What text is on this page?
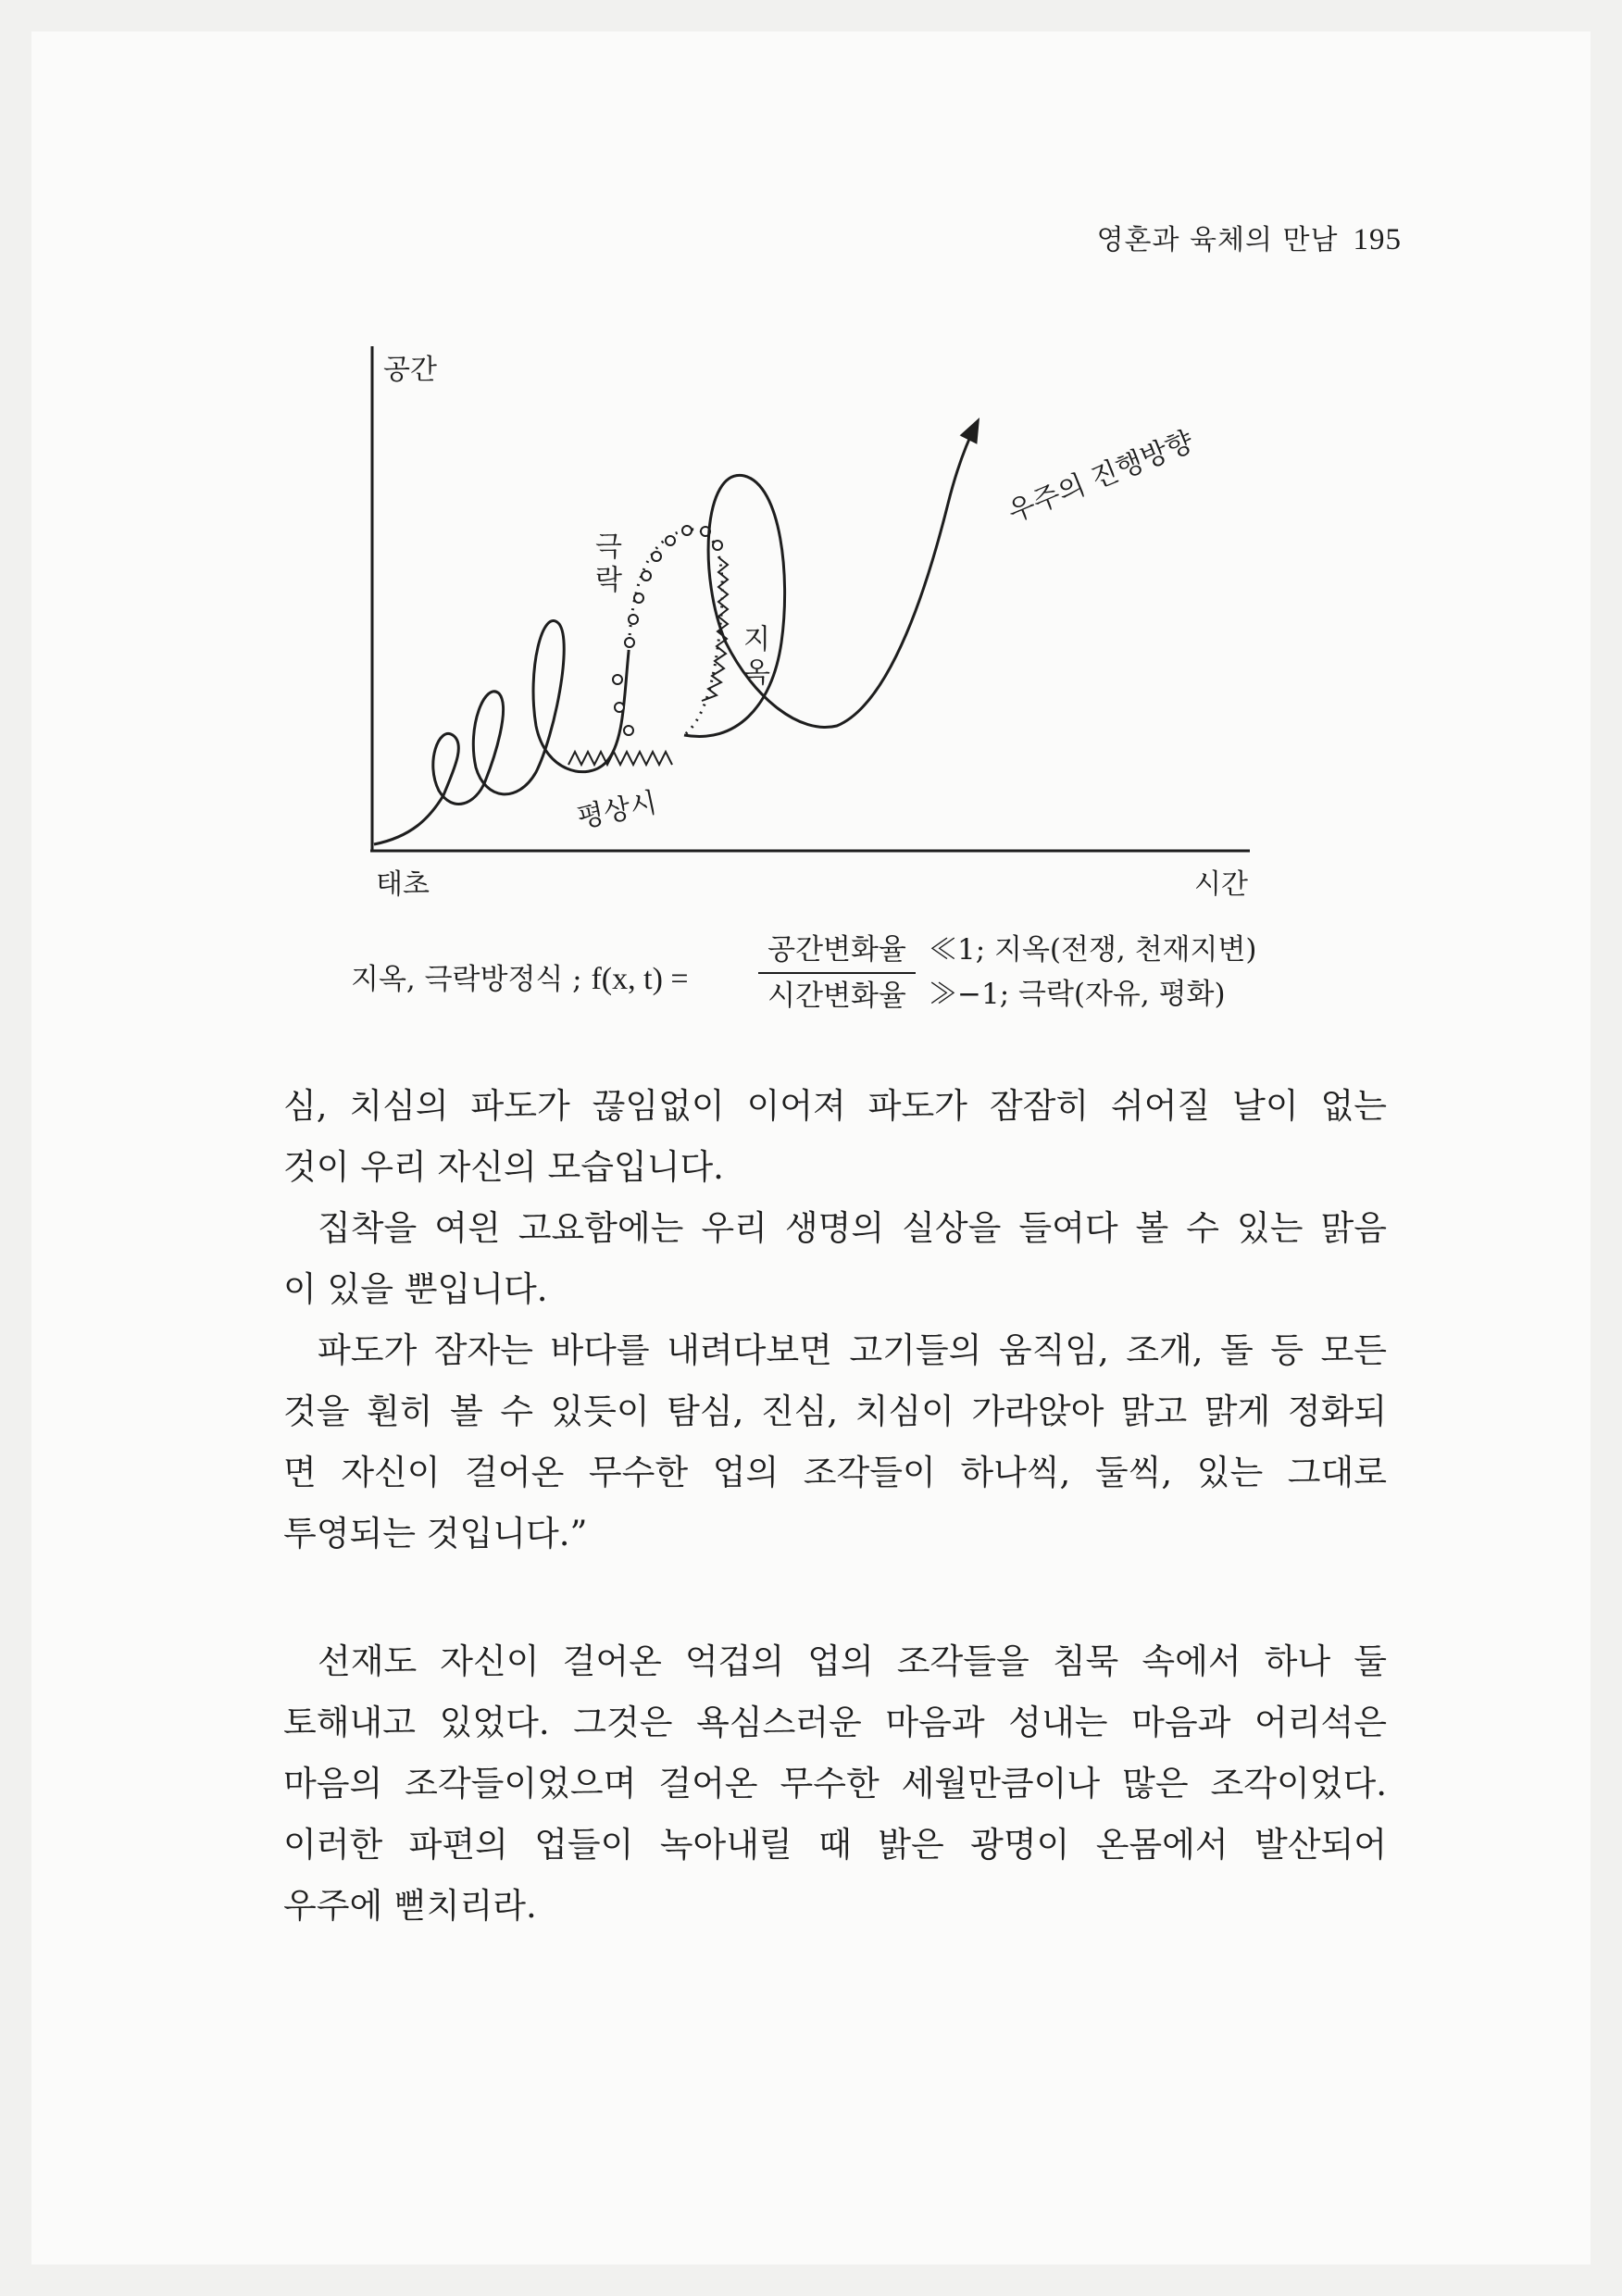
영혼과 육체의 만남 195
공간
시간
태초
극락
지옥
평상시
우주의 진행방향
지옥, 극락방정식 ; f(x, t) =
공간변화율
시간변화율
≪1; 지옥(전쟁, 천재지변)
≫−1; 극락(자유, 평화)

심, 치심의 파도가 끊임없이 이어져 파도가 잠잠히 쉬어질 날이 없는

것이 우리 자신의 모습입니다.

집착을 여읜 고요함에는 우리 생명의 실상을 들여다 볼 수 있는 맑음

이 있을 뿐입니다.

파도가 잠자는 바다를 내려다보면 고기들의 움직임, 조개, 돌 등 모든

것을 훤히 볼 수 있듯이 탐심, 진심, 치심이 가라앉아 맑고 맑게 정화되

면 자신이 걸어온 무수한 업의 조각들이 하나씩, 둘씩, 있는 그대로

투영되는 것입니다.”

선재도 자신이 걸어온 억겁의 업의 조각들을 침묵 속에서 하나 둘

토해내고 있었다. 그것은 욕심스러운 마음과 성내는 마음과 어리석은

마음의 조각들이었으며 걸어온 무수한 세월만큼이나 많은 조각이었다.

이러한 파편의 업들이 녹아내릴 때 밝은 광명이 온몸에서 발산되어

우주에 뻗치리라.
